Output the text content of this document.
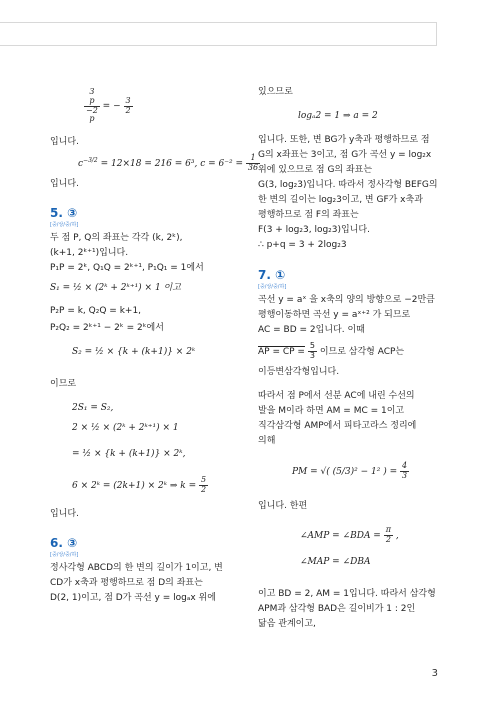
3
p
−2
p
= − $\frac{3}{2}$
입니다.
$c^{-3/2} = 12\times 18 = 216 = 6^3$, $c = 6^{-2} = \frac{1}{36}$
입니다.
5. ③
[중/상/중/하]
두 점 P, Q의 좌표는 각각 (k, 2ᵏ),
(k+1, 2ᵏ⁺¹)입니다.
P₁P = 2ᵏ, Q₁Q = 2ᵏ⁺¹, P₁Q₁ = 1에서
S₁ = ½ × (2ᵏ + 2ᵏ⁺¹) × 1 이고
P₂P = k, Q₂Q = k+1,
P₂Q₂ = 2ᵏ⁺¹ − 2ᵏ = 2ᵏ에서
S₂ = ½ × {k + (k+1)} × 2ᵏ
이므로
2S₁ = S₂,
2 × ½ × (2ᵏ + 2ᵏ⁺¹) × 1
= ½ × {k + (k+1)} × 2ᵏ,
6 × 2ᵏ = (2k+1) × 2ᵏ ⇒ $k = \frac{5}{2}$
입니다.
6. ③
[중/상/중/하]
정사각형 ABCD의 한 변의 길이가 1이고, 변
CD가 x축과 평행하므로 점 D의 좌표는
D(2, 1)이고, 점 D가 곡선 y = logₐx 위에
있으므로
logₐ2 = 1 ⇒ a = 2
입니다. 또한, 변 BG가 y축과 평행하므로 점
G의 x좌표는 3이고, 점 G가 곡선 y = log₂x
위에 있으므로 점 G의 좌표는
G(3, log₂3)입니다. 따라서 정사각형 BEFG의
한 변의 길이는 log₂3이고, 변 GF가 x축과
평행하므로 점 F의 좌표는
F(3 + log₂3, log₂3)입니다.
∴ p+q = 3 + 2log₂3
7. ①
[중/상/중/하]
곡선 y = aˣ 을 x축의 양의 방향으로 −2만큼
평행이동하면 곡선 y = aˣ⁺² 가 되므로
AC = BD = 2입니다. 이때
AP = CP = $\frac{5}{3}$ 이므로 삼각형 ACP는
이등변삼각형입니다.
따라서 점 P에서 선분 AC에 내린 수선의
발을 M이라 하면 AM = MC = 1이고
직각삼각형 AMP에서 피타고라스 정리에
의해
PM = √( (5/3)² − 1² ) = $\frac{4}{3}$
입니다. 한편
∠AMP = ∠BDA = $\frac{\pi}{2}$ ,
∠MAP = ∠DBA
이고 BD = 2, AM = 1입니다. 따라서 삼각형
APM과 삼각형 BAD은 길이비가 1 : 2인
닮음 관계이고,
3
